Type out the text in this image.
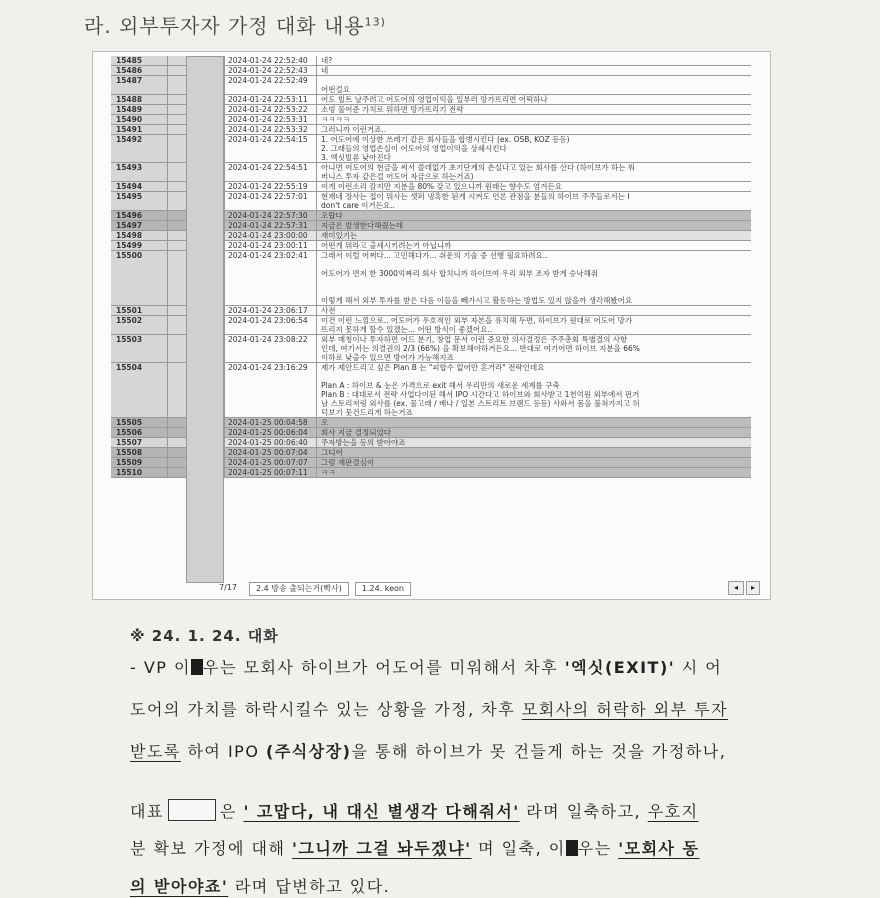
라. 외부투자자 가정 대화 내용$^{13)}$
15485	2024-01-24 22:52:40	네?
15486	2024-01-24 22:52:43	네
15487	2024-01-24 22:52:49

어떤걸요
15488	2024-01-24 22:53:11	어도 빌트 날주려고 어도어의 영업이익을 일부러 망가뜨리면 어떡하나
15489	2024-01-24 22:53:22	소빙 물어준 가치로 뭐하면 망가뜨리기 전략
15490	2024-01-24 22:53:31	ㅋㅋㅋㅋ
15491	2024-01-24 22:53:32	그러니까 이런거죠..
15492	2024-01-24 22:54:15	1. 어도어에 이상한 쓰레기 같은 회사들을 합병시킨다 (ex. OSB, KOZ 등등)
2. 그래들의 영업손실이 어도어의 영업이익을 상쇄시킨다
3. 엑싯빌류 낮아진다
15493	2024-01-24 22:54:51	아니면 어도어의 현금을 써서 쓸데없가 초기단계의 손실나고 있는 회사를 산다 (하이브가 하는 워
버니스 투자 같은걸 어도어 자금으로 하는거죠)
15494	2024-01-24 22:55:19	이게 이런소리 감지만 지분을 80% 갖고 있으니까 원래는 향수도 엄겨든요
15495	2024-01-24 22:57:01	현재네 장사는 접이 뭐사는 셋퍼 냉혹한 된게 시켜도 언론 관점을 분들의 하이브 주주들로서는 I
don't care 이거든요..
15496	2024-01-24 22:57:30	오랍다
15497	2024-01-24 22:57:31	지금은 발생한다해줬는데
15498	2024-01-24 23:00:00	재미있기는
15499	2024-01-24 23:00:11	어떤게 뭐라고 출세시키려는거 아닙니까
15500	2024-01-24 23:02:41	그래서 이럴 어쩌다... 고민해다가... 쉬운의 기술 중 선행 필요하려요..

어도어가 면저 한 3000억짜리 회사 합치니까 하이브여 우리 외부 조자 받게 승낙해줘

이렇게 해서 외부 투자를 받은 다음 이들을 빼가시고 활동하는 방법도 있지 않을까 생각해봤어요
15501	2024-01-24 23:06:17	사전
15502	2024-01-24 23:06:54	이건 이런 느낌으로.. 어도어가 우호적인 외부 자본을 유치해 두면, 하이브가 원대로 어도어 망가
뜨리지 못하게 할수 있겠는... 어떤 방식이 좋겠어요..
15503	2024-01-24 23:08:22	외부 매칭이나 투자하면 어드 분기, 창업 문서 이런 중요한 의사결정은 주주총회 특별결의 사항
인데, 여기서는 의결권의 2/3 (66%) 을 확보해야하거든요... 반대로 여기어면 하이브 지분을 66%
이하로 낮출수 있으면 방어가 가능해지죠
15504	2024-01-24 23:16:29	제가 제안드리고 싶은 Plan B 는 "피합수 없어만 흔거라" 전략인데요

Plan A : 하이브 & 눈은 가격으로 exit 해서 우리만의 새로운 세계를 구축
Plan B : 대대로서 전략 사업다이된 해서 IPO 시간다고 하이브와 회사받고 1천억원 외부에서 펀거
남 스토리저링 외사를 (ex. 물고래 / 베나 / 일본 스트리트 브랜드 등등) 사와서 몸을 불쳐가지고 허
덕보기 뭇건드리게 하는거죠
15505	2024-01-25 00:04:58	오
15506	2024-01-25 00:06:04	회사 지금 결정되었다
15507	2024-01-25 00:06:40	주자방는을 등의 받아야죠
15508	2024-01-25 00:07:04	그디어
15509	2024-01-25 00:07:07	그럼 재판결심이
15510	2024-01-25 00:07:11	ㅋㅋ
7/17	2.4 방송 출되는거(빡사)	1.24. keon	◂	▸
※ 24. 1. 24. 대화
- VP 이 우는 모회사 하이브가 어도어를 미워해서 차후 '엑싯(EXIT)' 시 어
도어의 가치를 하락시킬수 있는 상황을 가정, 차후 모회사의 허락하 외부 투자
받도록 하여 IPO (주식상장)을 통해 하이브가 못 건들게 하는 것을 가정하나,
대표	은 ' 고맙다, 내 대신 별생각 다해줘서' 라며 일축하고, 우호지
분 확보 가정에 대해 '그니까 그걸 놔두겠냐' 며 일축, 이 우는 '모회사 동
의 받아야죠' 라며 답변하고 있다.
